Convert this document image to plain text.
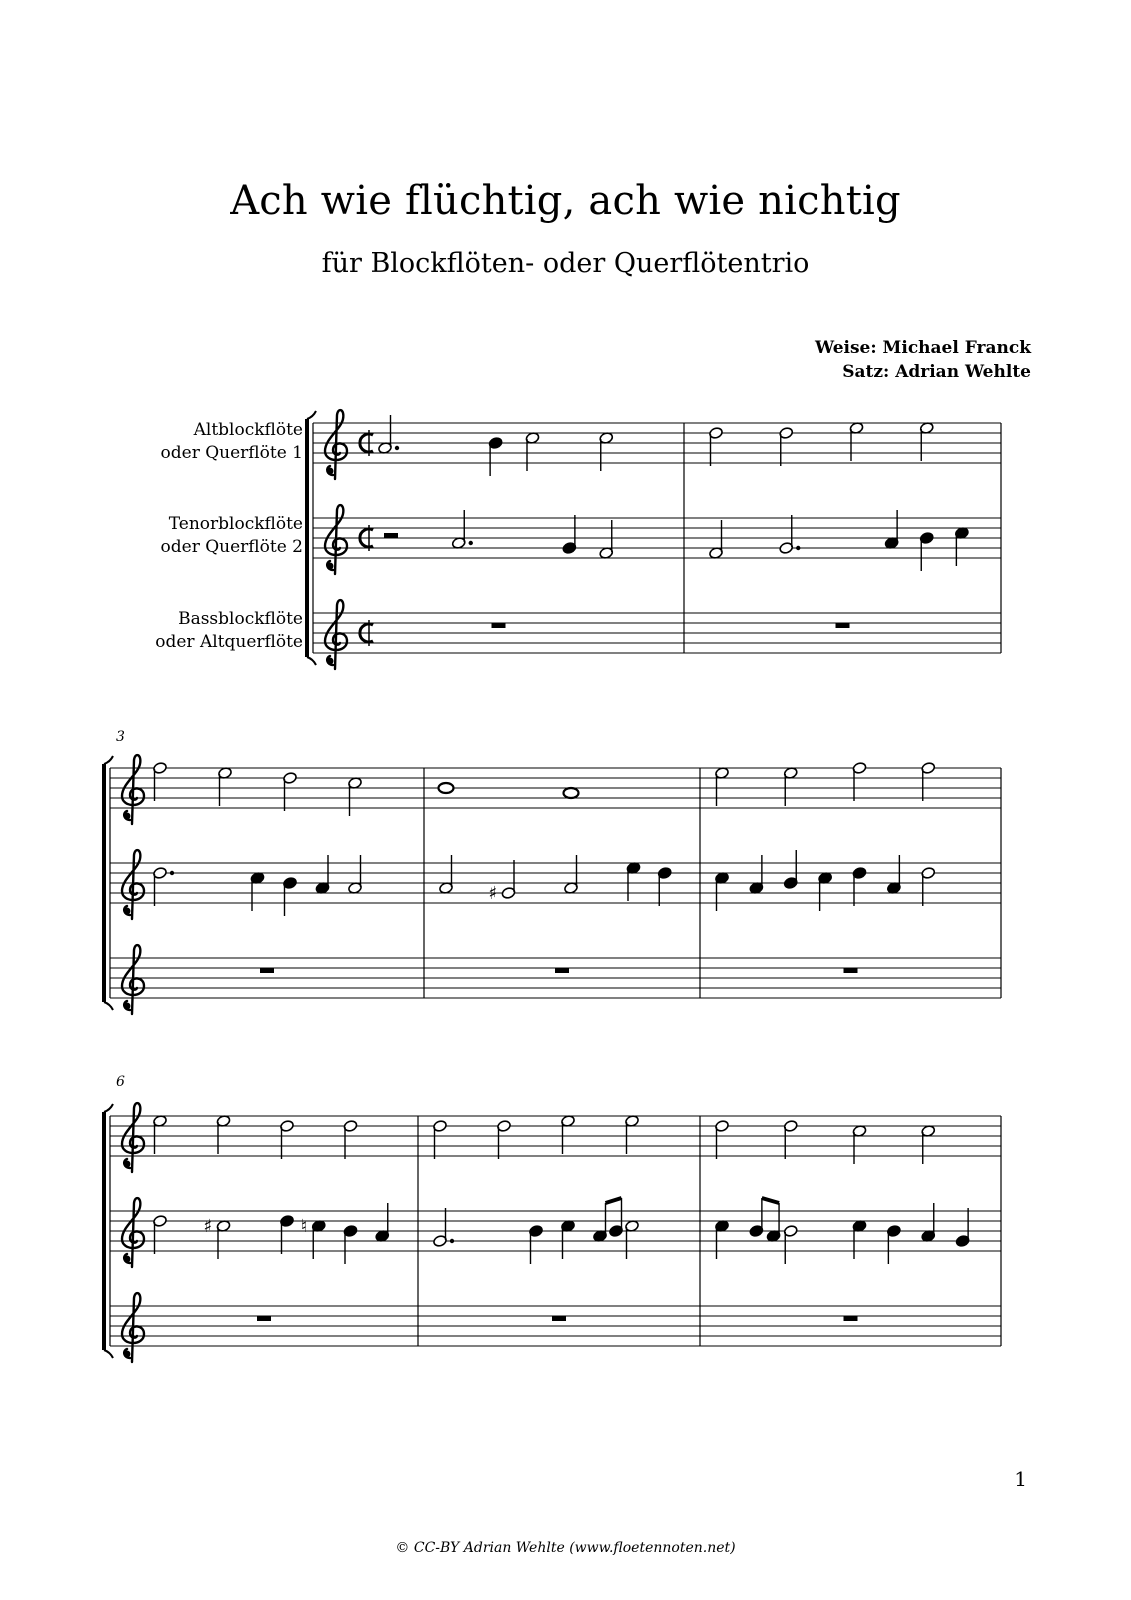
Ach wie flüchtig, ach wie nichtig
für Blockflöten- oder Querflötentrio
Weise: Michael Franck
Satz: Adrian Wehlte
Altblockflöte
oder Querflöte 1
Tenorblockflöte
oder Querflöte 2
Bassblockflöte
oder Altquerflöte
3
6
♯
♯	♮
1
© CC-BY Adrian Wehlte (www.floetennoten.net)
